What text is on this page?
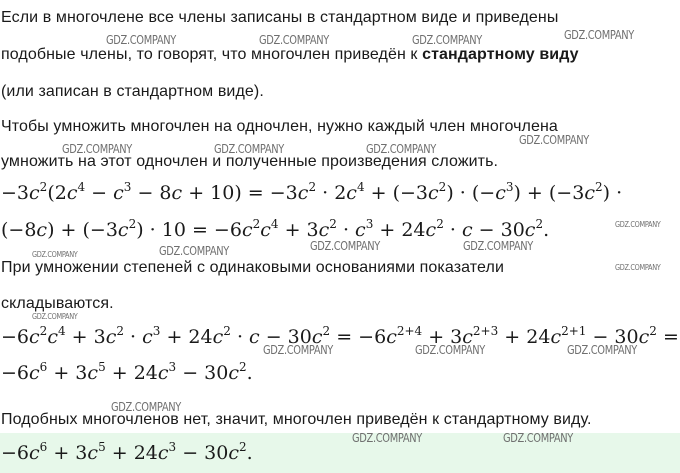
Если в многочлене все члены записаны в стандартном виде и приведены
подобные члены, то говорят, что многочлен приведён к стандартному виду
(или записан в стандартном виде).
Чтобы умножить многочлен на одночлен, нужно каждый член многочлена
умножить на этот одночлен и полученные произведения сложить.
$-3c^2(2c^4 - c^3 - 8c + 10) = -3c^2 \cdot 2c^4 + (-3c^2) \cdot (-c^3) + (-3c^2)$ ·
$(-8c) + (-3c^2) \cdot 10 = -6c^2c^4 + 3c^2 \cdot c^3 + 24c^2 \cdot c - 30c^2$.
При умножении степеней с одинаковыми основаниями показатели
складываются.
$-6c^2c^4 + 3c^2 \cdot c^3 + 24c^2 \cdot c - 30c^2 = -6c^{2+4} + 3c^{2+3} + 24c^{2+1} - 30c^2$ =
$-6c^6 + 3c^5 + 24c^3 - 30c^2$.
Подобных многочленов нет, значит, многочлен приведён к стандартному виду.
$-6c^6 + 3c^5 + 24c^3 - 30c^2$.
GDZ.COMPANY	GDZ.COMPANY	GDZ.COMPANY	GDZ.COMPANY
GDZ.COMPANY
GDZ.COMPANY	GDZ.COMPANY	GDZ.COMPANY
GDZ.COMPANY
GDZ.COMPANY	GDZ.COMPANY
GDZ.COMPANY
GDZ.COMPANY
GDZ.COMPANY
GDZ.COMPANY
GDZ.COMPANY	GDZ.COMPANY	GDZ.COMPANY
GDZ.COMPANY
GDZ.COMPANY	GDZ.COMPANY
